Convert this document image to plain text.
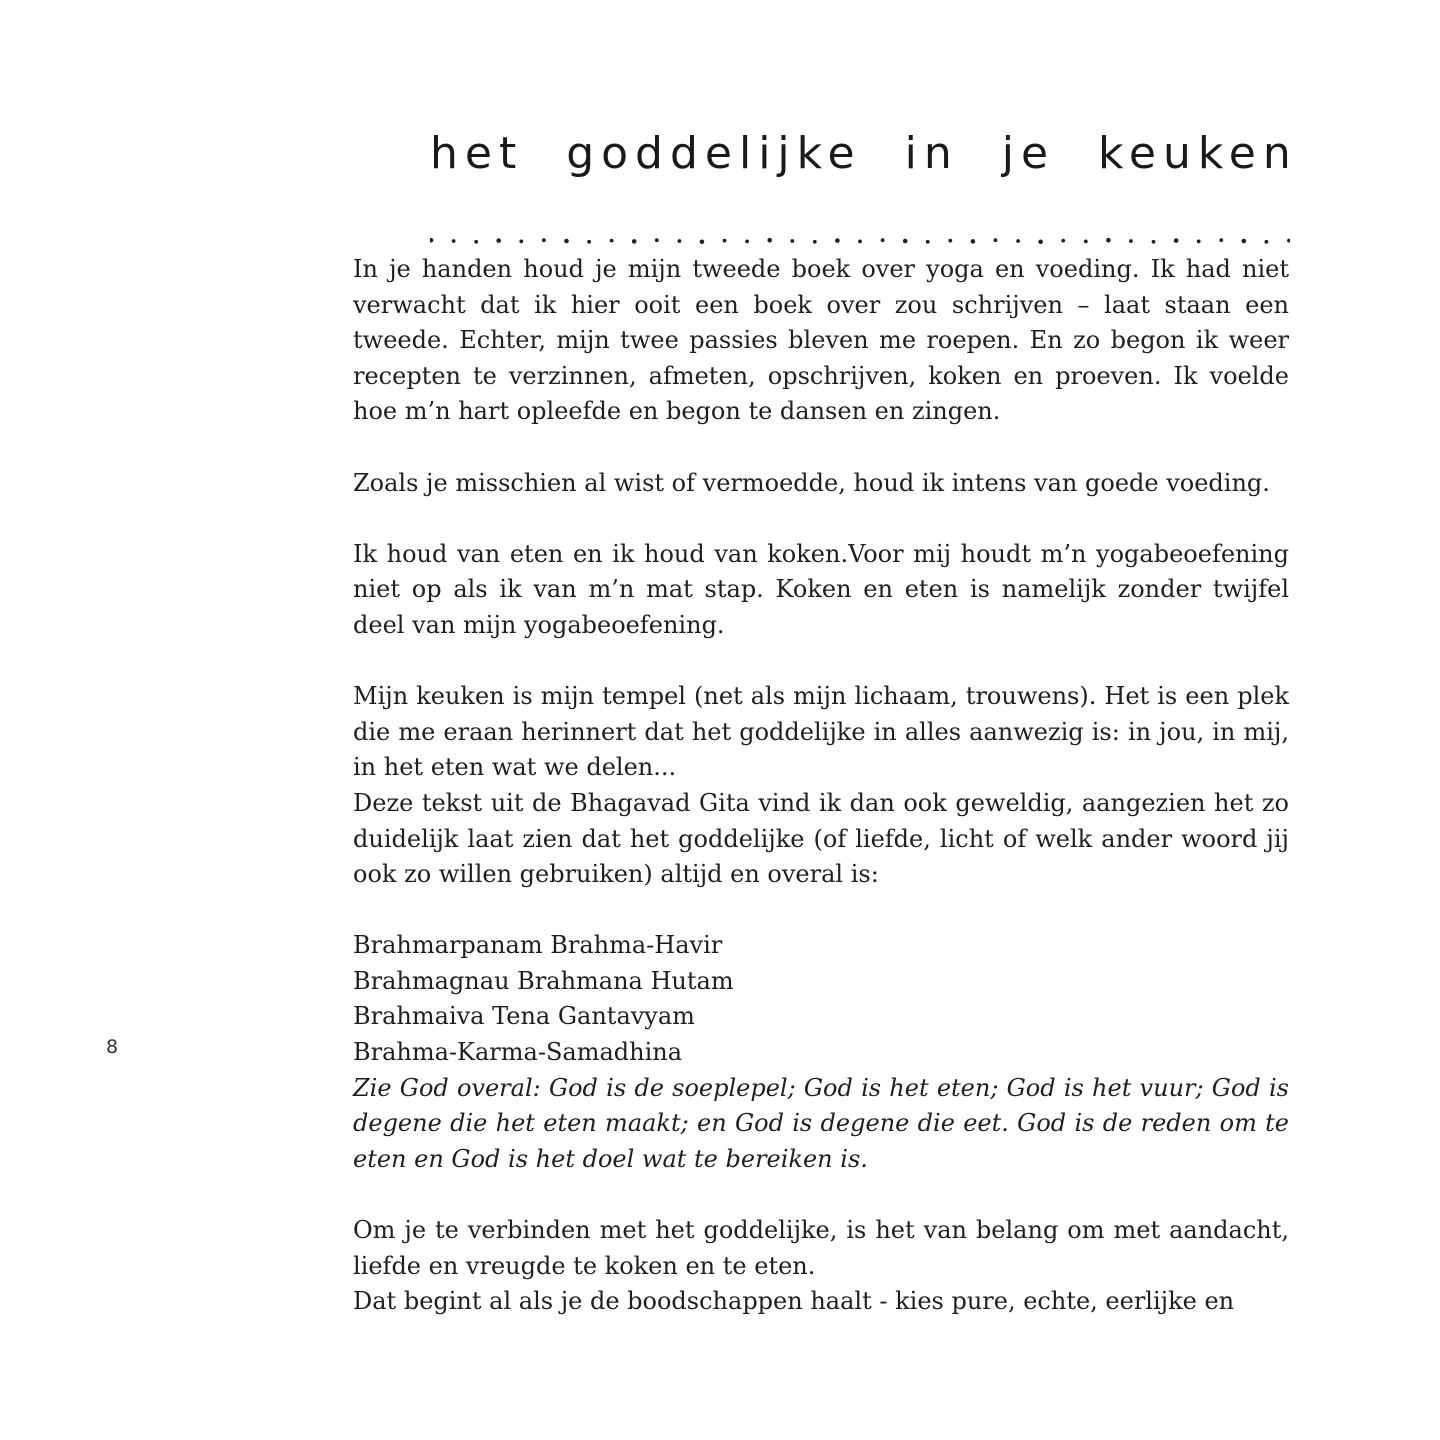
het goddelijke in je keuken

In je handen houd je mijn tweede boek over yoga en voeding. Ik had niet verwacht dat ik hier ooit een boek over zou schrijven – laat staan een tweede. Echter, mijn twee passies bleven me roepen. En zo begon ik weer recepten te verzinnen, afmeten, opschrijven, koken en proeven. Ik voelde hoe m’n hart opleefde en begon te dansen en zingen.

Zoals je misschien al wist of vermoedde, houd ik intens van goede voeding.

Ik houd van eten en ik houd van koken.Voor mij houdt m’n yogabeoefening niet op als ik van m’n mat stap. Koken en eten is namelijk zonder twijfel deel van mijn yogabeoefening.

Mijn keuken is mijn tempel (net als mijn lichaam, trouwens). Het is een plek die me eraan herinnert dat het goddelijke in alles aanwezig is: in jou, in mij, in het eten wat we delen...

Deze tekst uit de Bhagavad Gita vind ik dan ook geweldig, aangezien het zo duidelijk laat zien dat het goddelijke (of liefde, licht of welk ander woord jij ook zo willen gebruiken) altijd en overal is:

Brahmarpanam Brahma-Havir

Brahmagnau Brahmana Hutam

Brahmaiva Tena Gantavyam

Brahma-Karma-Samadhina

Zie God overal: God is de soeplepel; God is het eten; God is het vuur; God is degene die het eten maakt; en God is degene die eet. God is de reden om te eten en God is het doel wat te bereiken is.

Om je te verbinden met het goddelijke, is het van belang om met aandacht, liefde en vreugde te koken en te eten.

Dat begint al als je de boodschappen haalt - kies pure, echte, eerlijke en

8
